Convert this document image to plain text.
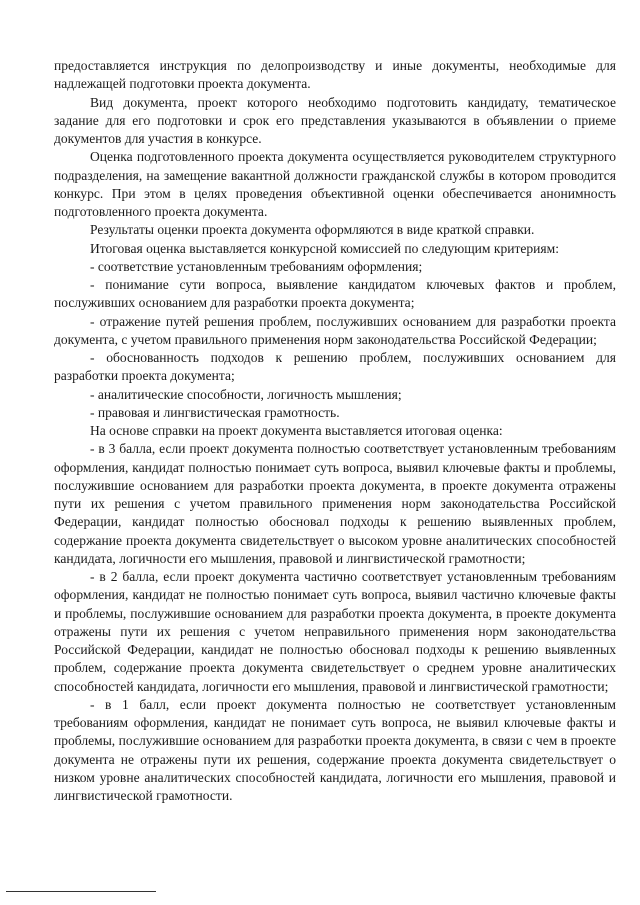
предоставляется инструкция по делопроизводству и иные документы, необходимые для надлежащей подготовки проекта документа.

Вид документа, проект которого необходимо подготовить кандидату, тематическое задание для его подготовки и срок его представления указываются в объявлении о приеме документов для участия в конкурсе.

Оценка подготовленного проекта документа осуществляется руководителем структурного подразделения, на замещение вакантной должности гражданской службы в котором проводится конкурс. При этом в целях проведения объективной оценки обеспечивается анонимность подготовленного проекта документа.

Результаты оценки проекта документа оформляются в виде краткой справки.

Итоговая оценка выставляется конкурсной комиссией по следующим критериям:

- соответствие установленным требованиям оформления;

- понимание сути вопроса, выявление кандидатом ключевых фактов и проблем, послуживших основанием для разработки проекта документа;

- отражение путей решения проблем, послуживших основанием для разработки проекта документа, с учетом правильного применения норм законодательства Российской Федерации;

- обоснованность подходов к решению проблем, послуживших основанием для разработки проекта документа;

- аналитические способности, логичность мышления;

- правовая и лингвистическая грамотность.

На основе справки на проект документа выставляется итоговая оценка:

- в 3 балла, если проект документа полностью соответствует установленным требованиям оформления, кандидат полностью понимает суть вопроса, выявил ключевые факты и проблемы, послужившие основанием для разработки проекта документа, в проекте документа отражены пути их решения с учетом правильного применения норм законодательства Российской Федерации, кандидат полностью обосновал подходы к решению выявленных проблем, содержание проекта документа свидетельствует о высоком уровне аналитических способностей кандидата, логичности его мышления, правовой и лингвистической грамотности;

- в 2 балла, если проект документа частично соответствует установленным требованиям оформления, кандидат не полностью понимает суть вопроса, выявил частично ключевые факты и проблемы, послужившие основанием для разработки проекта документа, в проекте документа отражены пути их решения с учетом неправильного применения норм законодательства Российской Федерации, кандидат не полностью обосновал подходы к решению выявленных проблем, содержание проекта документа свидетельствует о среднем уровне аналитических способностей кандидата, логичности его мышления, правовой и лингвистической грамотности;

- в 1 балл, если проект документа полностью не соответствует установленным требованиям оформления, кандидат не понимает суть вопроса, не выявил ключевые факты и проблемы, послужившие основанием для разработки проекта документа, в связи с чем в проекте документа не отражены пути их решения, содержание проекта документа свидетельствует о низком уровне аналитических способностей кандидата, логичности его мышления, правовой и лингвистической грамотности.
